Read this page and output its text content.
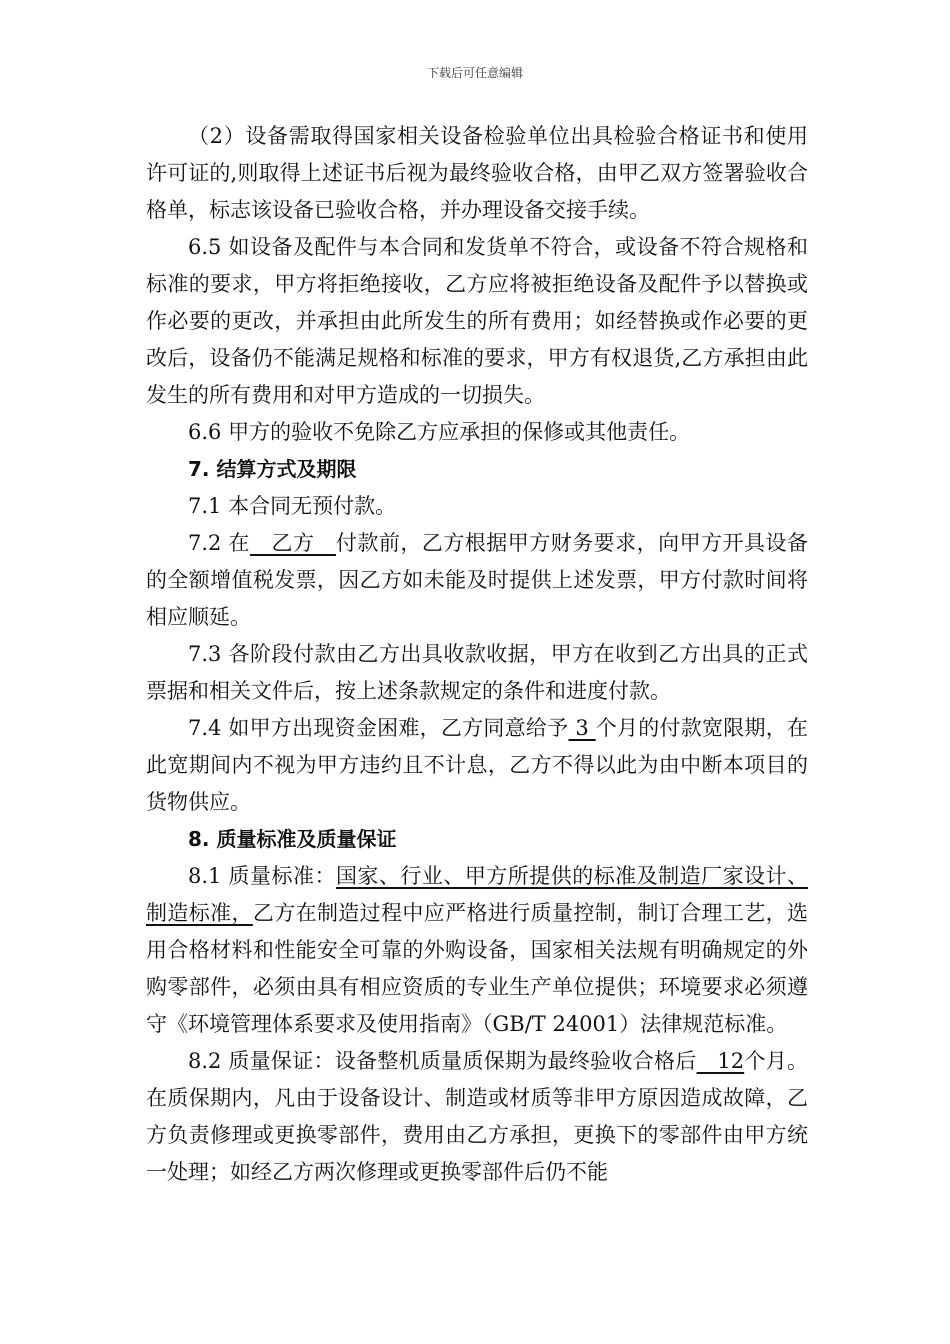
下载后可任意编辑

（2）设备需取得国家相关设备检验单位出具检验合格证书和使用许可证的,则取得上述证书后视为最终验收合格，由甲乙双方签署验收合格单，标志该设备已验收合格，并办理设备交接手续。

6.5 如设备及配件与本合同和发货单不符合，或设备不符合规格和标准的要求，甲方将拒绝接收，乙方应将被拒绝设备及配件予以替换或作必要的更改，并承担由此所发生的所有费用；如经替换或作必要的更改后，设备仍不能满足规格和标准的要求，甲方有权退货,乙方承担由此发生的所有费用和对甲方造成的一切损失。

6.6 甲方的验收不免除乙方应承担的保修或其他责任。

7. 结算方式及期限

7.1 本合同无预付款。

7.2 在   乙方   付款前，乙方根据甲方财务要求，向甲方开具设备的全额增值税发票，因乙方如未能及时提供上述发票，甲方付款时间将相应顺延。

7.3 各阶段付款由乙方出具收款收据，甲方在收到乙方出具的正式票据和相关文件后，按上述条款规定的条件和进度付款。

7.4 如甲方出现资金困难，乙方同意给予 3 个月的付款宽限期，在此宽期间内不视为甲方违约且不计息，乙方不得以此为由中断本项目的货物供应。

8. 质量标准及质量保证

8.1 质量标准：国家、行业、甲方所提供的标准及制造厂家设计、制造标准，乙方在制造过程中应严格进行质量控制，制订合理工艺，选用合格材料和性能安全可靠的外购设备，国家相关法规有明确规定的外购零部件，必须由具有相应资质的专业生产单位提供；环境要求必须遵守《环境管理体系要求及使用指南》（GB/T 24001）法律规范标准。

8.2 质量保证：设备整机质量质保期为最终验收合格后   12个月。在质保期内，凡由于设备设计、制造或材质等非甲方原因造成故障，乙方负责修理或更换零部件，费用由乙方承担，更换下的零部件由甲方统一处理；如经乙方两次修理或更换零部件后仍不能
